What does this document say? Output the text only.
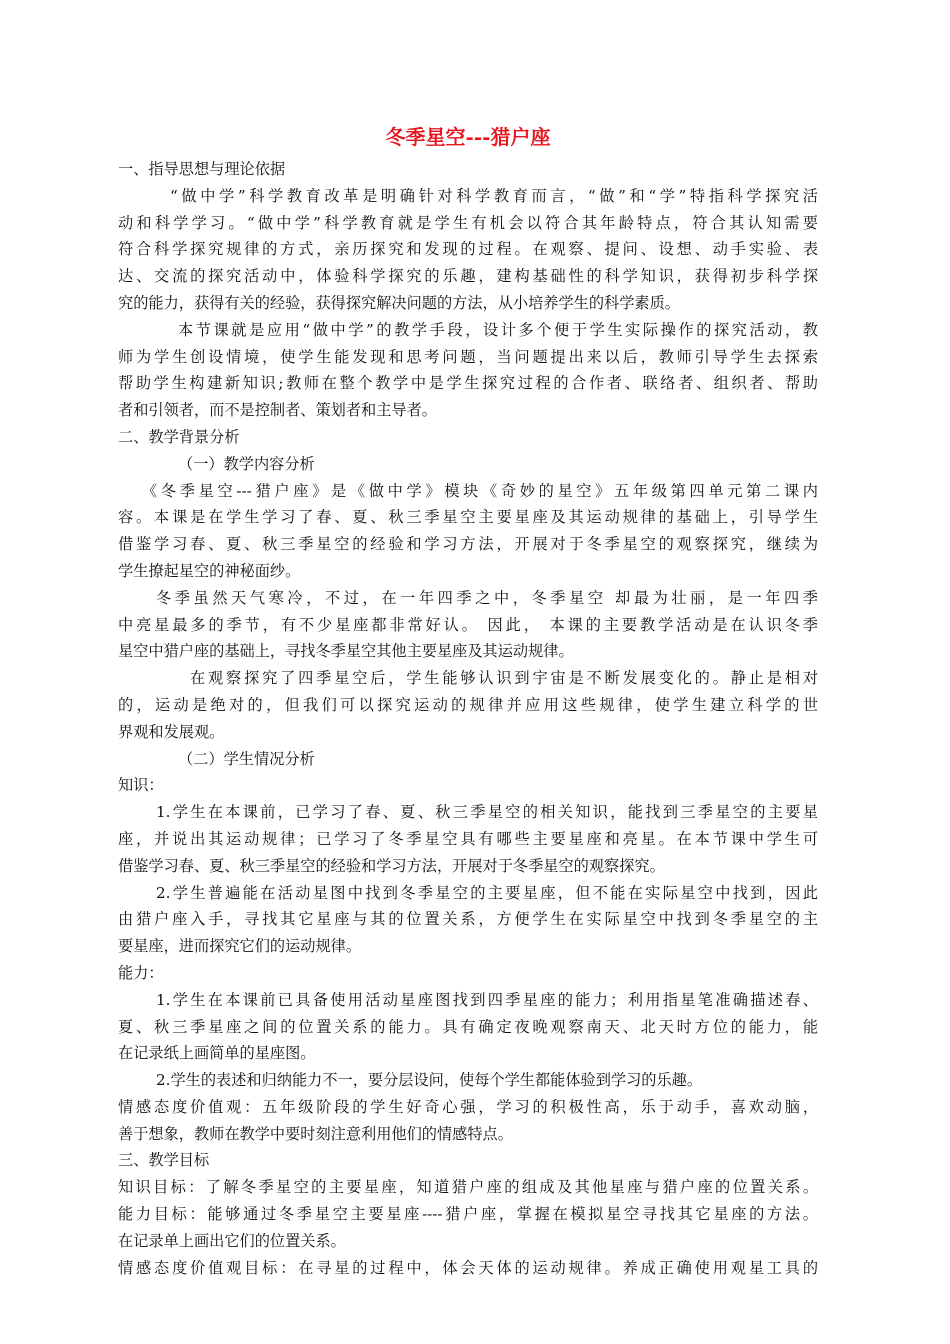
冬季星空---猎户座
一、指导思想与理论依据
“做中学”科学教育改革是明确针对科学教育而言，“做”和“学”特指科学探究活
动和科学学习。“做中学”科学教育就是学生有机会以符合其年龄特点，符合其认知需要
符合科学探究规律的方式，亲历探究和发现的过程。在观察、提问、设想、动手实验、表
达、交流的探究活动中，体验科学探究的乐趣，建构基础性的科学知识，获得初步科学探
究的能力，获得有关的经验，获得探究解决问题的方法，从小培养学生的科学素质。
本节课就是应用“做中学”的教学手段，设计多个便于学生实际操作的探究活动，教
师为学生创设情境，使学生能发现和思考问题，当问题提出来以后，教师引导学生去探索
帮助学生构建新知识;教师在整个教学中是学生探究过程的合作者、联络者、组织者、帮助
者和引领者，而不是控制者、策划者和主导者。
二、教学背景分析
（一）教学内容分析
《冬季星空---猎户座》是《做中学》模块《奇妙的星空》五年级第四单元第二课内
容。本课是在学生学习了春、夏、秋三季星空主要星座及其运动规律的基础上，引导学生
借鉴学习春、夏、秋三季星空的经验和学习方法，开展对于冬季星空的观察探究，继续为
学生撩起星空的神秘面纱。
冬季虽然天气寒冷，不过，在一年四季之中，冬季星空 却最为壮丽，是一年四季
中亮星最多的季节，有不少星座都非常好认。 因此， 本课的主要教学活动是在认识冬季
星空中猎户座的基础上，寻找冬季星空其他主要星座及其运动规律。
在观察探究了四季星空后，学生能够认识到宇宙是不断发展变化的。静止是相对
的，运动是绝对的，但我们可以探究运动的规律并应用这些规律，使学生建立科学的世
界观和发展观。
（二）学生情况分析
知识：
1.学生在本课前，已学习了春、夏、秋三季星空的相关知识，能找到三季星空的主要星
座，并说出其运动规律；已学习了冬季星空具有哪些主要星座和亮星。在本节课中学生可
借鉴学习春、夏、秋三季星空的经验和学习方法，开展对于冬季星空的观察探究。
2.学生普遍能在活动星图中找到冬季星空的主要星座，但不能在实际星空中找到，因此
由猎户座入手，寻找其它星座与其的位置关系，方便学生在实际星空中找到冬季星空的主
要星座，进而探究它们的运动规律。
能力：
1.学生在本课前已具备使用活动星座图找到四季星座的能力；利用指星笔准确描述春、
夏、秋三季星座之间的位置关系的能力。具有确定夜晚观察南天、北天时方位的能力，能
在记录纸上画简单的星座图。
2.学生的表述和归纳能力不一，要分层设问，使每个学生都能体验到学习的乐趣。
情感态度价值观：五年级阶段的学生好奇心强，学习的积极性高，乐于动手，喜欢动脑，
善于想象，教师在教学中要时刻注意利用他们的情感特点。
三、教学目标
知识目标：了解冬季星空的主要星座，知道猎户座的组成及其他星座与猎户座的位置关系。
能力目标：能够通过冬季星空主要星座----猎户座，掌握在模拟星空寻找其它星座的方法。
在记录单上画出它们的位置关系。
情感态度价值观目标：在寻星的过程中，体会天体的运动规律。养成正确使用观星工具的
